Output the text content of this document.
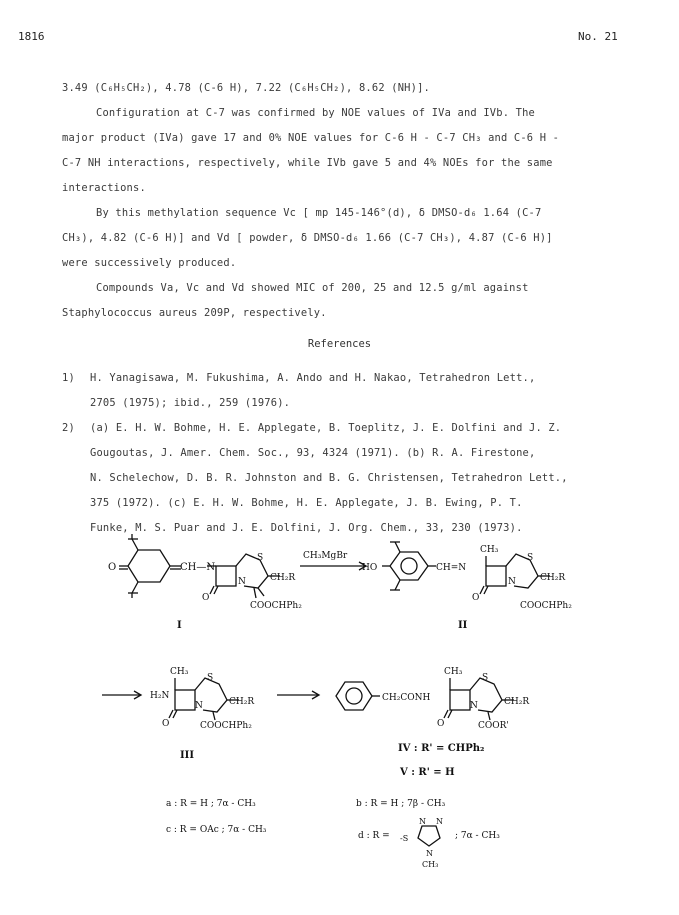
1816	No. 21
3.49 (C₆H₅CH₂), 4.78 (C-6 H), 7.22 (C₆H₅CH₂), 8.62 (NH)].
Configuration at C-7 was confirmed by NOE values of IVa and IVb. The
major product (IVa) gave 17 and 0% NOE values for C-6 H - C-7 CH₃ and C-6 H -
C-7 NH interactions, respectively, while IVb gave 5 and 4% NOEs for the same
interactions.
By this methylation sequence Vc [ mp 145-146°(d), δ DMSO-d₆ 1.64 (C-7
CH₃), 4.82 (C-6 H)] and Vd [ powder, δ DMSO-d₆ 1.66 (C-7 CH₃), 4.87 (C-6 H)]
were successively produced.
Compounds Va, Vc and Vd showed MIC of 200, 25 and 12.5 g/ml against
Staphylococcus aureus 209P, respectively.
References
1) H. Yanagisawa, M. Fukushima, A. Ando and H. Nakao, Tetrahedron Lett.,
2705 (1975); ibid., 259 (1976).
2) (a) E. H. W. Bohme, H. E. Applegate, B. Toeplitz, J. E. Dolfini and J. Z.
Gougoutas, J. Amer. Chem. Soc., 93, 4324 (1971). (b) R. A. Firestone,
N. Schelechow, D. B. R. Johnston and B. G. Christensen, Tetrahedron Lett.,
375 (1972). (c) E. H. W. Bohme, H. E. Applegate, J. B. Ewing, P. T.
Funke, M. S. Puar and J. E. Dolfini, J. Org. Chem., 33, 230 (1973).
O	CH—N
S
N
O
CH₂R
COOCHPh₂
I
CH₃MgBr
HO	CH=N
CH₃
S
N
O
CH₂R
COOCHPh₂
II
H₂N
CH₃
S
N
O
CH₂R
COOCHPh₂
III
CH₂CONH
CH₃
S
N
O
CH₂R
COOR'
IV : R' = CHPh₂
V : R' = H
a : R = H ; 7α - CH₃	b : R = H ; 7β - CH₃
c : R = OAc ; 7α - CH₃
d : R =	; 7α - CH₃
-S
N N
N
CH₃
